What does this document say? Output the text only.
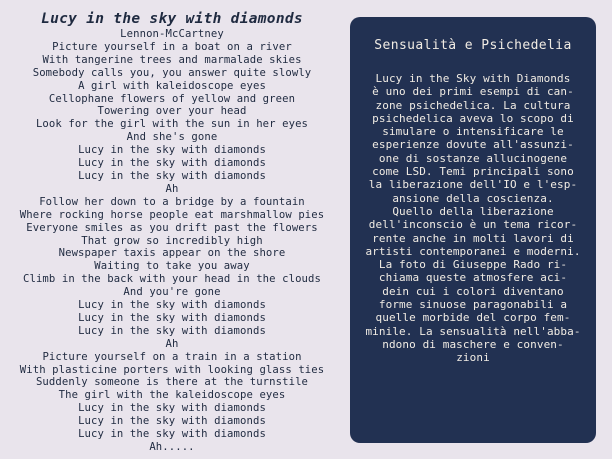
Lucy in the sky with diamonds
Lennon-McCartney
Picture yourself in a boat on a river
With tangerine trees and marmalade skies
Somebody calls you, you answer quite slowly
A girl with kaleidoscope eyes
Cellophane flowers of yellow and green
Towering over your head
Look for the girl with the sun in her eyes
And she's gone
Lucy in the sky with diamonds
Lucy in the sky with diamonds
Lucy in the sky with diamonds
Ah
Follow her down to a bridge by a fountain
Where rocking horse people eat marshmallow pies
Everyone smiles as you drift past the flowers
That grow so incredibly high
Newspaper taxis appear on the shore
Waiting to take you away
Climb in the back with your head in the clouds
And you're gone
Lucy in the sky with diamonds
Lucy in the sky with diamonds
Lucy in the sky with diamonds
Ah
Picture yourself on a train in a station
With plasticine porters with looking glass ties
Suddenly someone is there at the turnstile
The girl with the kaleidoscope eyes
Lucy in the sky with diamonds
Lucy in the sky with diamonds
Lucy in the sky with diamonds
Ah.....
Sensualità e Psichedelia
Lucy in the Sky with Diamonds
è uno dei primi esempi di can-
zone psichedelica. La cultura
psichedelica aveva lo scopo di
simulare o intensificare le
esperienze dovute all'assunzi-
one di sostanze allucinogene
come LSD. Temi principali sono
la liberazione dell'IO e l'esp-
ansione della coscienza.
Quello della liberazione
dell'inconscio è un tema ricor-
rente anche in molti lavori di
artisti contemporanei e moderni.
La foto di Giuseppe Rado ri-
chiama queste atmosfere aci-
dein cui i colori diventano
forme sinuose paragonabili a
quelle morbide del corpo fem-
minile. La sensualità nell'abba-
ndono di maschere e conven-
zioni
